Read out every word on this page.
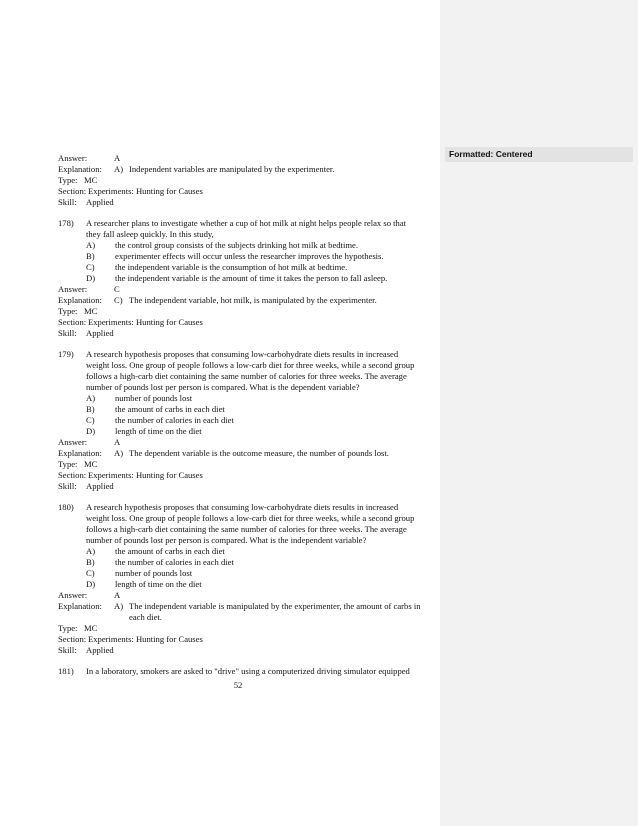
Formatted: Centered
Answer:	A
Explanation: A) Independent variables are manipulated by the experimenter.
Type: MC
Section: Experiments: Hunting for Causes
Skill: Applied
178) A researcher plans to investigate whether a cup of hot milk at night helps people relax so that
they fall asleep quickly. In this study,
A) the control group consists of the subjects drinking hot milk at bedtime.
B) experimenter effects will occur unless the researcher improves the hypothesis.
C) the independent variable is the consumption of hot milk at bedtime.
D) the independent variable is the amount of time it takes the person to fall asleep.
Answer:	C
Explanation: C) The independent variable, hot milk, is manipulated by the experimenter.
Type: MC
Section: Experiments: Hunting for Causes
Skill: Applied
179) A research hypothesis proposes that consuming low-carbohydrate diets results in increased
weight loss. One group of people follows a low-carb diet for three weeks, while a second group
follows a high-carb diet containing the same number of calories for three weeks. The average
number of pounds lost per person is compared. What is the dependent variable?
A) number of pounds lost
B) the amount of carbs in each diet
C) the number of calories in each diet
D) length of time on the diet
Answer:	A
Explanation: A) The dependent variable is the outcome measure, the number of pounds lost.
Type: MC
Section: Experiments: Hunting for Causes
Skill: Applied
180) A research hypothesis proposes that consuming low-carbohydrate diets results in increased
weight loss. One group of people follows a low-carb diet for three weeks, while a second group
follows a high-carb diet containing the same number of calories for three weeks. The average
number of pounds lost per person is compared. What is the independent variable?
A) the amount of carbs in each diet
B) the number of calories in each diet
C) number of pounds lost
D) length of time on the diet
Answer:	A
Explanation: A) The independent variable is manipulated by the experimenter, the amount of carbs in
each diet.
Type: MC
Section: Experiments: Hunting for Causes
Skill: Applied
181) In a laboratory, smokers are asked to "drive" using a computerized driving simulator equipped
52
